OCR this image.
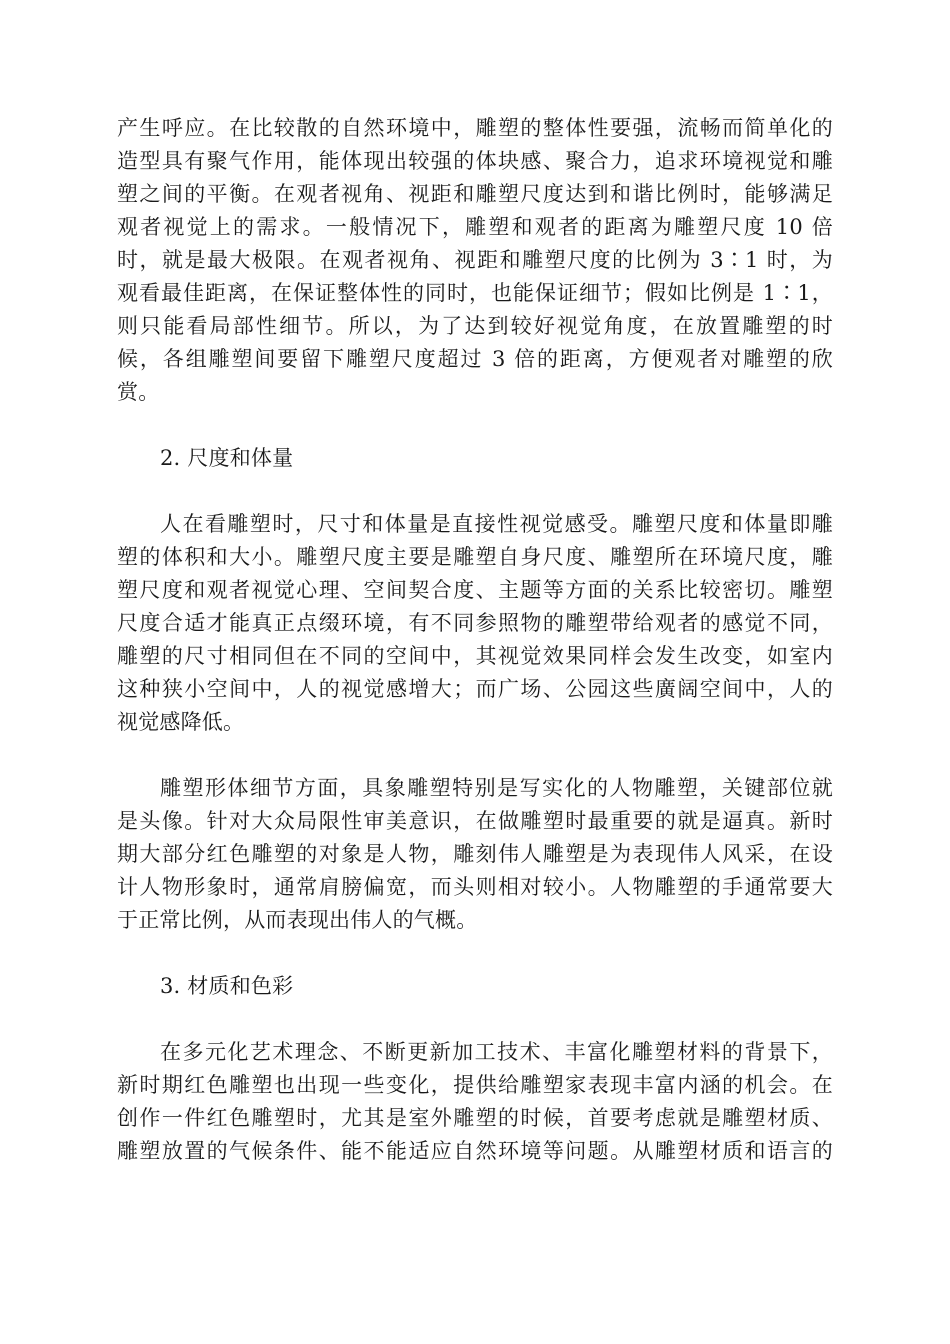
产生呼应。在比较散的自然环境中，雕塑的整体性要强，流畅而简单化的
造型具有聚气作用，能体现出较强的体块感、聚合力，追求环境视觉和雕
塑之间的平衡。在观者视角、视距和雕塑尺度达到和谐比例时，能够满足
观者视觉上的需求。一般情况下，雕塑和观者的距离为雕塑尺度 10 倍
时，就是最大极限。在观者视角、视距和雕塑尺度的比例为 3∶1 时，为
观看最佳距离，在保证整体性的同时，也能保证细节；假如比例是 1∶1，
则只能看局部性细节。所以，为了达到较好视觉角度，在放置雕塑的时
候，各组雕塑间要留下雕塑尺度超过 3 倍的距离，方便观者对雕塑的欣
赏。
2. 尺度和体量
人在看雕塑时，尺寸和体量是直接性视觉感受。雕塑尺度和体量即雕
塑的体积和大小。雕塑尺度主要是雕塑自身尺度、雕塑所在环境尺度，雕
塑尺度和观者视觉心理、空间契合度、主题等方面的关系比较密切。雕塑
尺度合适才能真正点缀环境，有不同参照物的雕塑带给观者的感觉不同，
雕塑的尺寸相同但在不同的空间中，其视觉效果同样会发生改变，如室内
这种狭小空间中，人的视觉感增大；而广场、公园这些廣阔空间中，人的
视觉感降低。
雕塑形体细节方面，具象雕塑特别是写实化的人物雕塑，关键部位就
是头像。针对大众局限性审美意识，在做雕塑时最重要的就是逼真。新时
期大部分红色雕塑的对象是人物，雕刻伟人雕塑是为表现伟人风采，在设
计人物形象时，通常肩膀偏宽，而头则相对较小。人物雕塑的手通常要大
于正常比例，从而表现出伟人的气概。
3. 材质和色彩
在多元化艺术理念、不断更新加工技术、丰富化雕塑材料的背景下，
新时期红色雕塑也出现一些变化，提供给雕塑家表现丰富内涵的机会。在
创作一件红色雕塑时，尤其是室外雕塑的时候，首要考虑就是雕塑材质、
雕塑放置的气候条件、能不能适应自然环境等问题。从雕塑材质和语言的
